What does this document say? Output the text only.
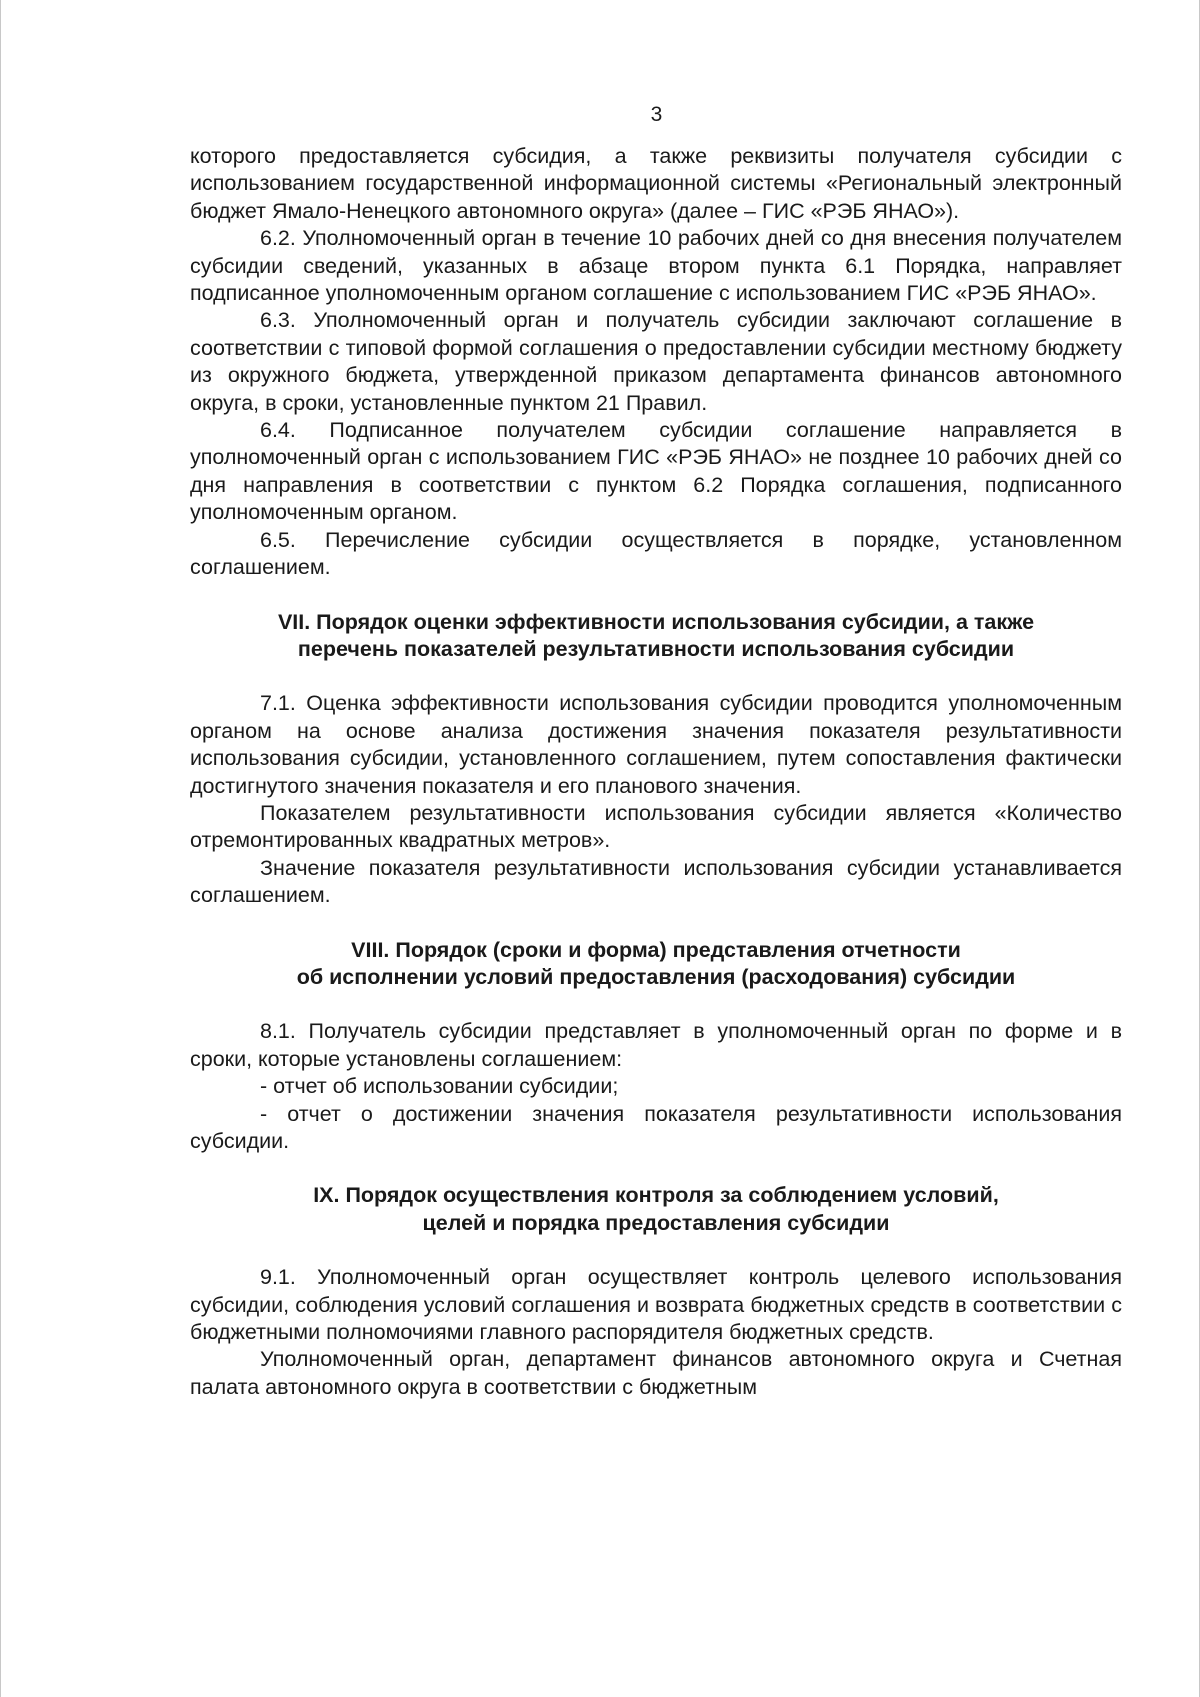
3

которого предоставляется субсидия, а также реквизиты получателя субсидии с использованием государственной информационной системы «Региональный электронный бюджет Ямало-Ненецкого автономного округа» (далее – ГИС «РЭБ ЯНАО»).

6.2. Уполномоченный орган в течение 10 рабочих дней со дня внесения получателем субсидии сведений, указанных в абзаце втором пункта 6.1 Порядка, направляет подписанное уполномоченным органом соглашение с использованием ГИС «РЭБ ЯНАО».

6.3. Уполномоченный орган и получатель субсидии заключают соглашение в соответствии с типовой формой соглашения о предоставлении субсидии местному бюджету из окружного бюджета, утвержденной приказом департамента финансов автономного округа, в сроки, установленные пунктом 21 Правил.

6.4. Подписанное получателем субсидии соглашение направляется в уполномоченный орган с использованием ГИС «РЭБ ЯНАО» не позднее 10 рабочих дней со дня направления в соответствии с пунктом 6.2 Порядка соглашения, подписанного уполномоченным органом.

6.5. Перечисление субсидии осуществляется в порядке, установленном соглашением.

VII. Порядок оценки эффективности использования субсидии, а также
перечень показателей результативности использования субсидии

7.1. Оценка эффективности использования субсидии проводится уполномоченным органом на основе анализа достижения значения показателя результативности использования субсидии, установленного соглашением, путем сопоставления фактически достигнутого значения показателя и его планового значения.

Показателем результативности использования субсидии является «Количество отремонтированных квадратных метров».

Значение показателя результативности использования субсидии устанавливается соглашением.

VIII. Порядок (сроки и форма) представления отчетности
об исполнении условий предоставления (расходования) субсидии

8.1. Получатель субсидии представляет в уполномоченный орган по форме и в сроки, которые установлены соглашением:

- отчет об использовании субсидии;

- отчет о достижении значения показателя результативности использования субсидии.

IX. Порядок осуществления контроля за соблюдением условий,
целей и порядка предоставления субсидии

9.1. Уполномоченный орган осуществляет контроль целевого использования субсидии, соблюдения условий соглашения и возврата бюджетных средств в соответствии с бюджетными полномочиями главного распорядителя бюджетных средств.

Уполномоченный орган, департамент финансов автономного округа и Счетная палата автономного округа в соответствии с бюджетным
